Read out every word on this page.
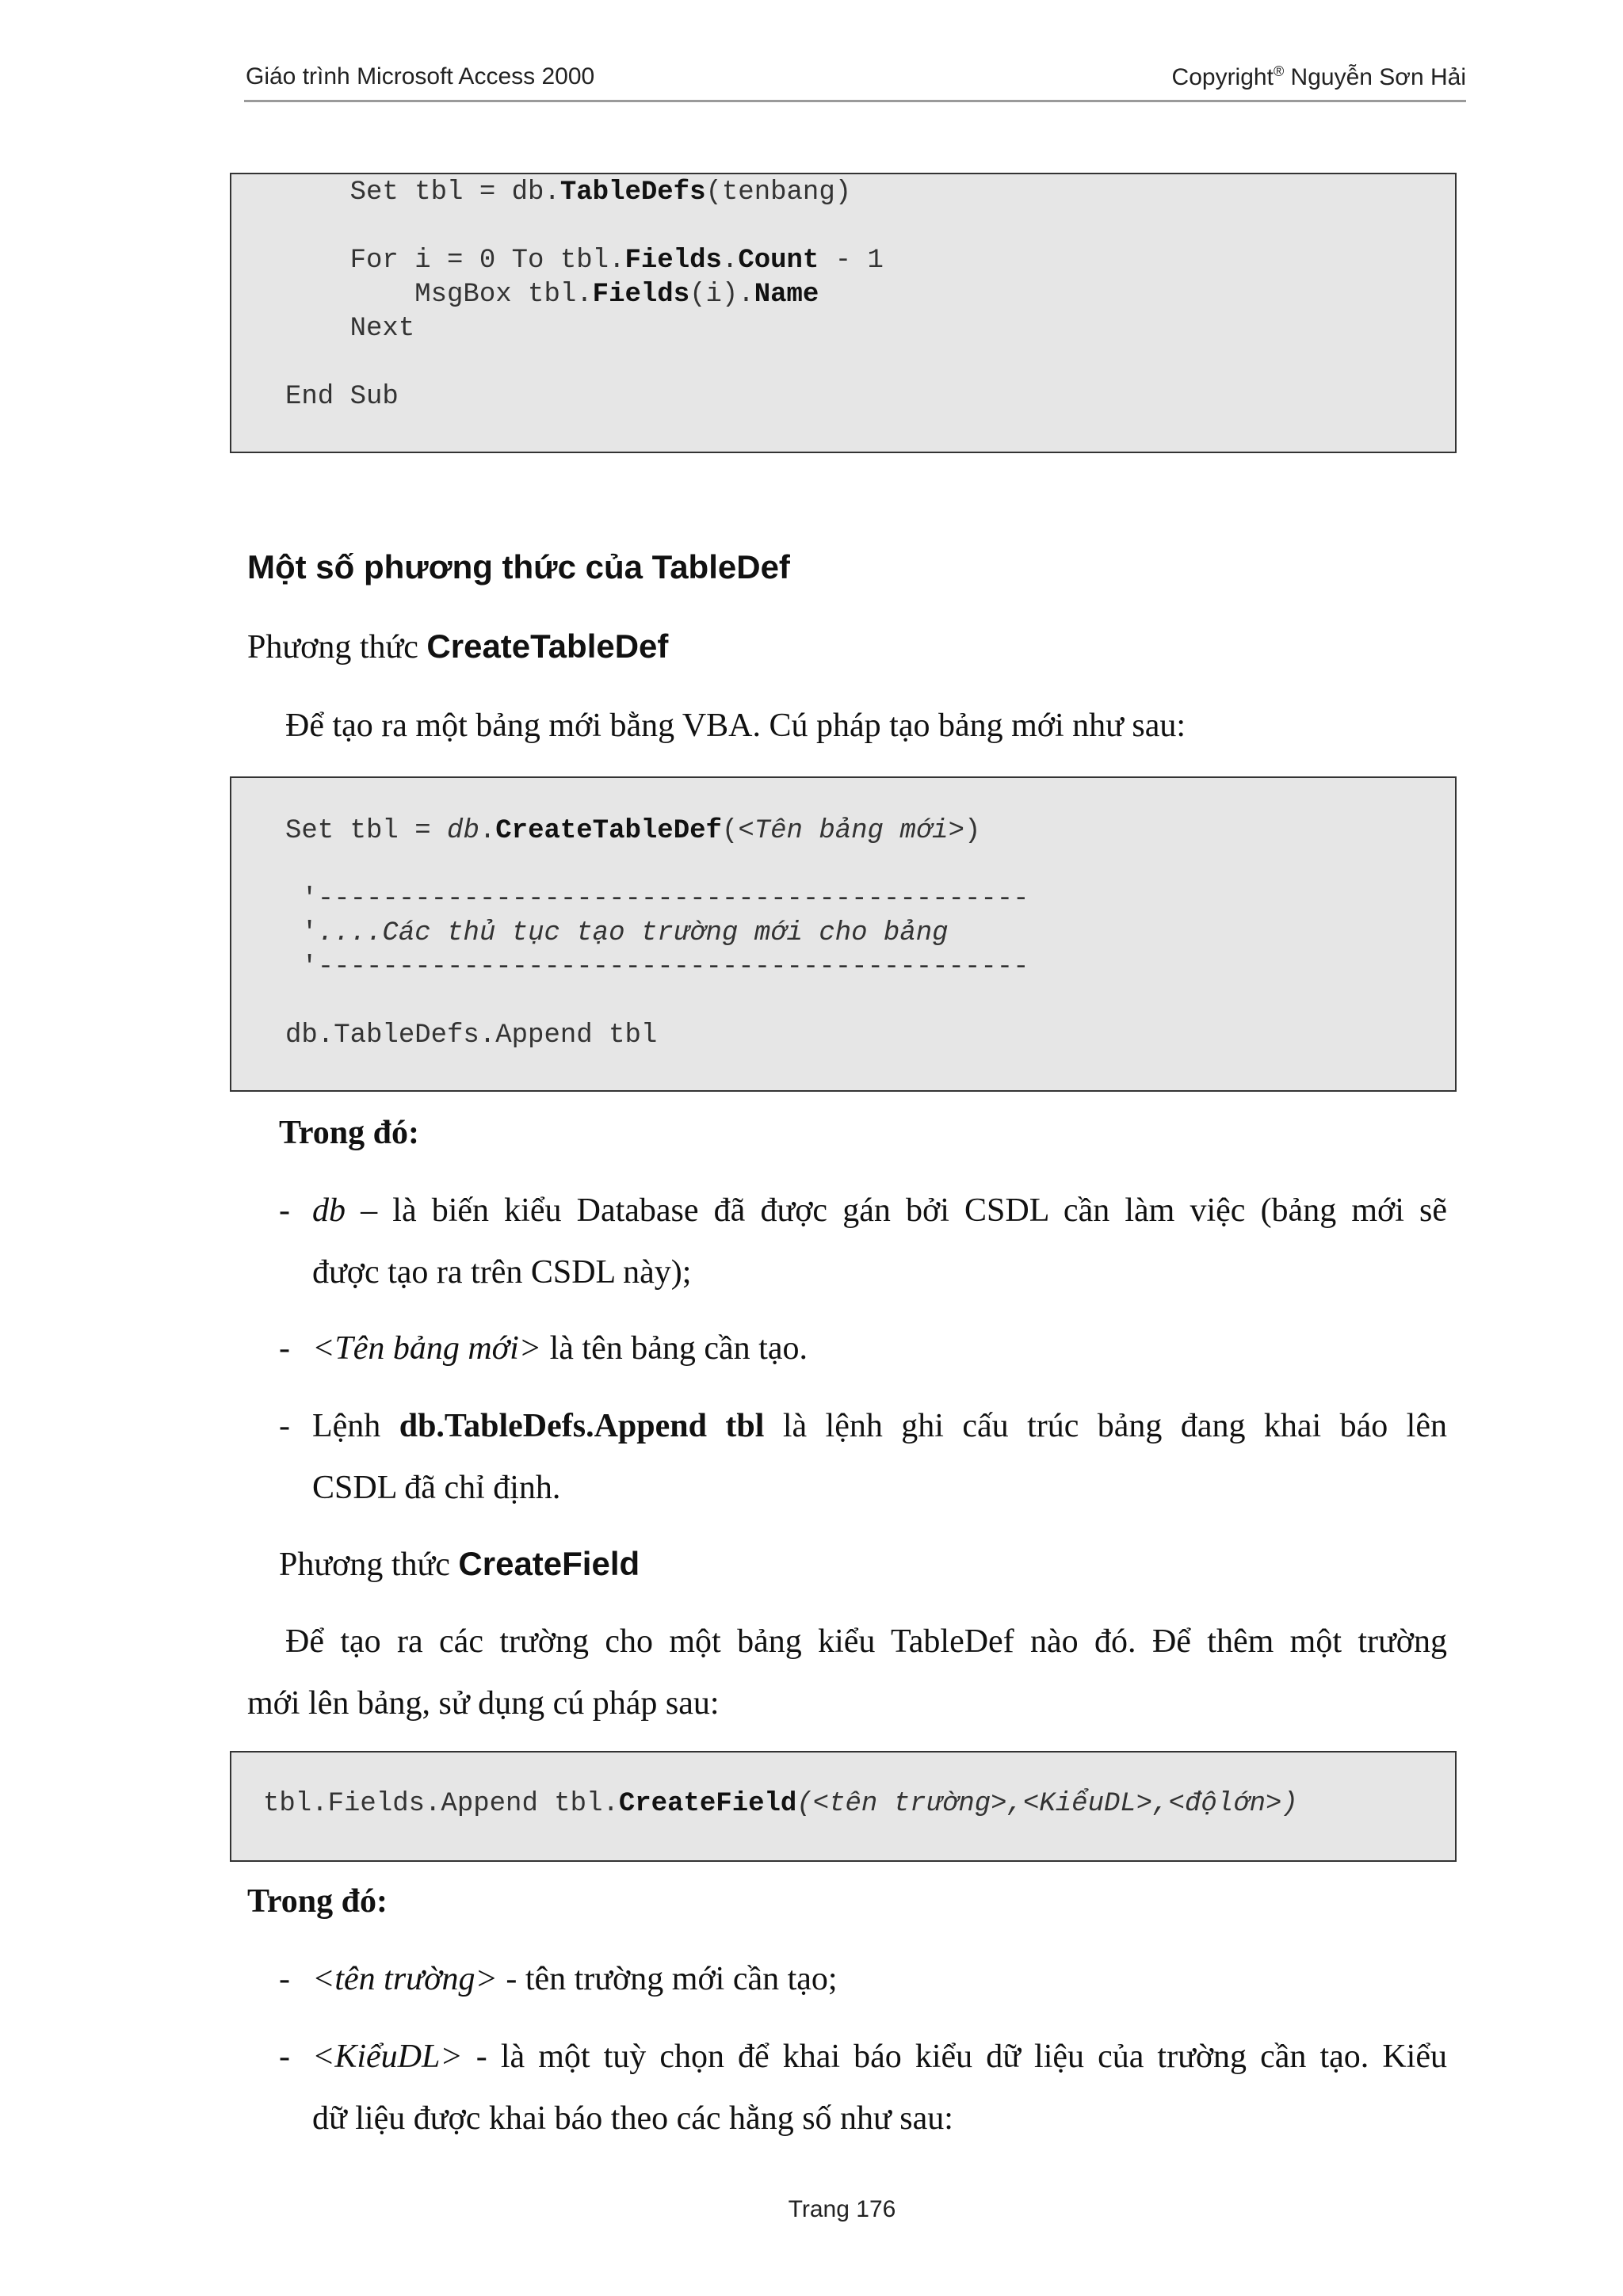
Giáo trình Microsoft Access 2000	Copyright® Nguyễn Sơn Hải
Set tbl = db.TableDefs(tenbang)

For i = 0 To tbl.Fields.Count - 1
MsgBox tbl.Fields(i).Name
Next

End Sub
Một số phương thức của TableDef
Phương thức CreateTableDef
Để tạo ra một bảng mới bằng VBA. Cú pháp tạo bảng mới như sau:
Set tbl = db.CreateTableDef(<Tên bảng mới>)

'--------------------------------------------
'....Các thủ tục tạo trường mới cho bảng
'--------------------------------------------

db.TableDefs.Append tbl
Trong đó:
- db – là biến kiểu Database đã được gán bởi CSDL cần làm việc (bảng mới sẽ
được tạo ra trên CSDL này);
- <Tên bảng mới> là tên bảng cần tạo.
- Lệnh db.TableDefs.Append tbl là lệnh ghi cấu trúc bảng đang khai báo lên
CSDL đã chỉ định.
Phương thức CreateField
Để tạo ra các trường cho một bảng kiểu TableDef nào đó. Để thêm một trường
mới lên bảng, sử dụng cú pháp sau:
tbl.Fields.Append tbl.CreateField(<tên trường>,<KiểuDL>,<độlớn>)
Trong đó:
- <tên trường> - tên trường mới cần tạo;
- <KiểuDL> - là một tuỳ chọn để khai báo kiểu dữ liệu của trường cần tạo. Kiểu
dữ liệu được khai báo theo các hằng số như sau:
Trang 176
